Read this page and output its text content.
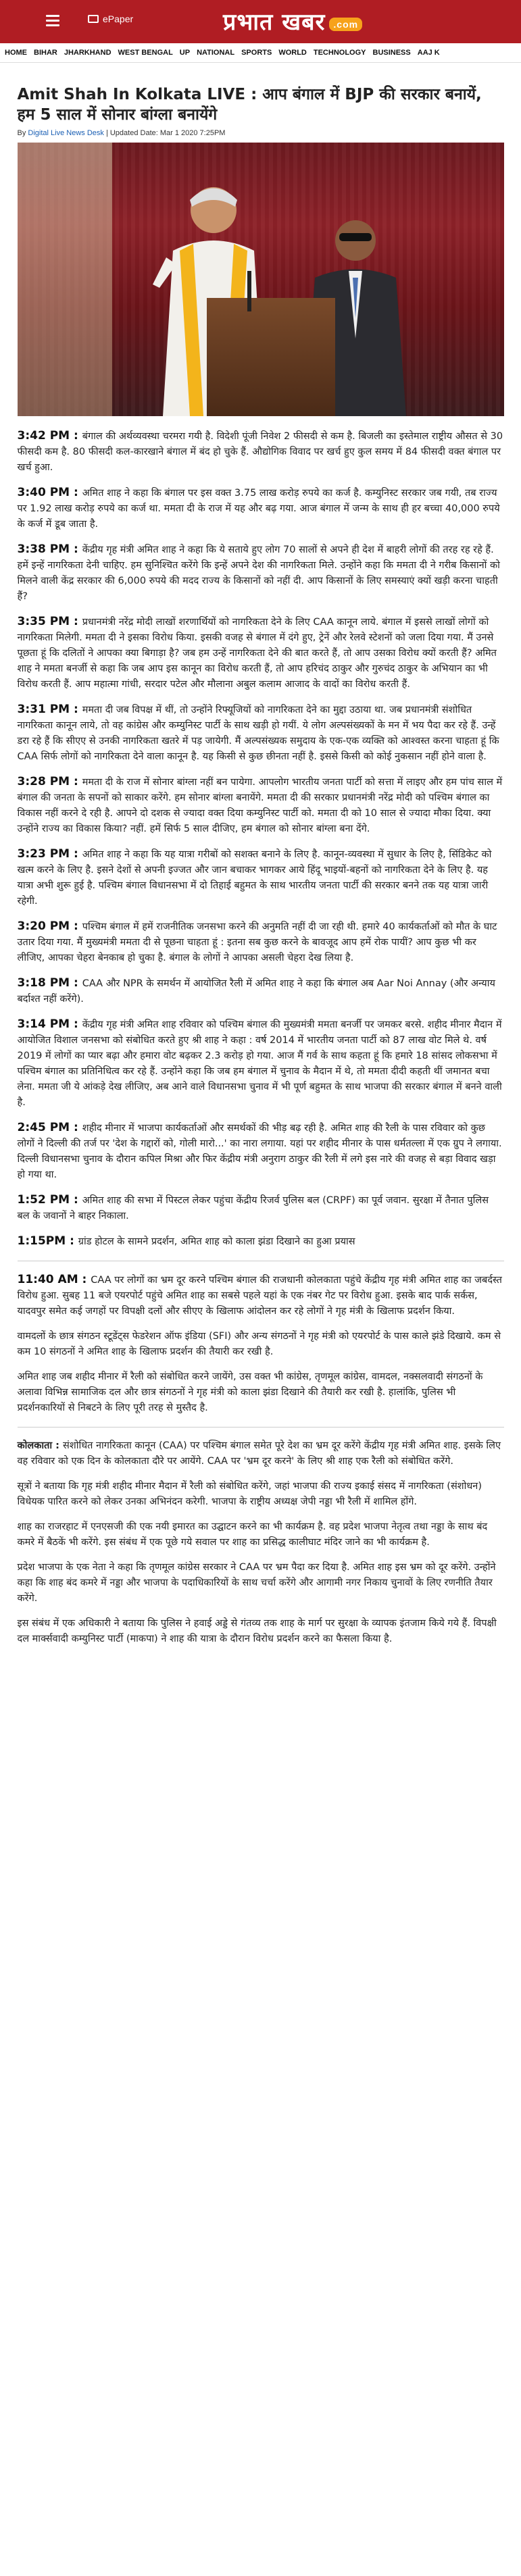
ePaper	प्रभात खबर .com
HOME BIHAR JHARKHAND WEST BENGAL UP NATIONAL SPORTS WORLD TECHNOLOGY BUSINESS AAJ K
Amit Shah In Kolkata LIVE : आप बंगाल में BJP की सरकार बनायें, हम 5 साल में सोनार बांग्ला बनायेंगे
By Digital Live News Desk | Updated Date: Mar 1 2020 7:25PM

3:42 PM : बंगाल की अर्थव्यवस्था चरमरा गयी है. विदेशी पूंजी निवेश 2 फीसदी से कम है. बिजली का इस्तेमाल राष्ट्रीय औसत से 30 फीसदी कम है. 80 फीसदी कल-कारखाने बंगाल में बंद हो चुके हैं. औद्योगिक विवाद पर खर्च हुए कुल समय में 84 फीसदी वक्त बंगाल पर खर्च हुआ.

3:40 PM : अमित शाह ने कहा कि बंगाल पर इस वक्त 3.75 लाख करोड़ रुपये का कर्ज है. कम्युनिस्ट सरकार जब गयी, तब राज्य पर 1.92 लाख करोड़ रुपये का कर्ज था. ममता दी के राज में यह और बढ़ गया. आज बंगाल में जन्म के साथ ही हर बच्चा 40,000 रुपये के कर्ज में डूब जाता है.

3:38 PM : केंद्रीय गृह मंत्री अमित शाह ने कहा कि ये सताये हुए लोग 70 सालों से अपने ही देश में बाहरी लोगों की तरह रह रहे हैं. हमें इन्हें नागरिकता देनी चाहिए. हम सुनिश्चित करेंगे कि इन्हें अपने देश की नागरिकता मिले. उन्होंने कहा कि ममता दी ने गरीब किसानों को मिलने वाली केंद्र सरकार की 6,000 रुपये की मदद राज्य के किसानों को नहीं दी. आप किसानों के लिए समस्याएं क्यों खड़ी करना चाहती हैं?

3:35 PM : प्रधानमंत्री नरेंद्र मोदी लाखों शरणार्थियों को नागरिकता देने के लिए CAA कानून लाये. बंगाल में इससे लाखों लोगों को नागरिकता मिलेगी. ममता दी ने इसका विरोध किया. इसकी वजह से बंगाल में दंगे हुए, ट्रेनें और रेलवे स्टेशनों को जला दिया गया. मैं उनसे पूछता हूं कि दलितों ने आपका क्या बिगाड़ा है? जब हम उन्हें नागरिकता देने की बात करते हैं, तो आप उसका विरोध क्यों करती हैं? अमित शाह ने ममता बनर्जी से कहा कि जब आप इस कानून का विरोध करती हैं, तो आप हरिचंद ठाकुर और गुरुचंद ठाकुर के अभियान का भी विरोध करती हैं. आप महात्मा गांधी, सरदार पटेल और मौलाना अबुल कलाम आजाद के वादों का विरोध करती हैं.

3:31 PM : ममता दी जब विपक्ष में थीं, तो उन्होंने रिफ्यूजियों को नागरिकता देने का मुद्दा उठाया था. जब प्रधानमंत्री संशोधित नागरिकता कानून लाये, तो वह कांग्रेस और कम्युनिस्ट पार्टी के साथ खड़ी हो गयीं. ये लोग अल्पसंख्यकों के मन में भय पैदा कर रहे हैं. उन्हें डरा रहे हैं कि सीएए से उनकी नागरिकता खतरे में पड़ जायेगी. मैं अल्पसंख्यक समुदाय के एक-एक व्यक्ति को आश्वस्त करना चाहता हूं कि CAA सिर्फ लोगों को नागरिकता देने वाला कानून है. यह किसी से कुछ छीनता नहीं है. इससे किसी को कोई नुकसान नहीं होने वाला है.

3:28 PM : ममता दी के राज में सोनार बांग्ला नहीं बन पायेगा. आपलोग भारतीय जनता पार्टी को सत्ता में लाइए और हम पांच साल में बंगाल की जनता के सपनों को साकार करेंगे. हम सोनार बांग्ला बनायेंगे. ममता दी की सरकार प्रधानमंत्री नरेंद्र मोदी को पश्चिम बंगाल का विकास नहीं करने दे रही है. आपने दो दशक से ज्यादा वक्त दिया कम्युनिस्ट पार्टी को. ममता दी को 10 साल से ज्यादा मौका दिया. क्या उन्होंने राज्य का विकास किया? नहीं. हमें सिर्फ 5 साल दीजिए, हम बंगाल को सोनार बांग्ला बना देंगे.

3:23 PM : अमित शाह ने कहा कि यह यात्रा गरीबों को सशक्त बनाने के लिए है. कानून-व्यवस्था में सुधार के लिए है, सिंडिकेट को खत्म करने के लिए है. इसने देशों से अपनी इज्जत और जान बचाकर भागकर आये हिंदू भाइयों-बहनों को नागरिकता देने के लिए है. यह यात्रा अभी शुरू हुई है. पश्चिम बंगाल विधानसभा में दो तिहाई बहुमत के साथ भारतीय जनता पार्टी की सरकार बनने तक यह यात्रा जारी रहेगी.

3:20 PM : पश्चिम बंगाल में हमें राजनीतिक जनसभा करने की अनुमति नहीं दी जा रही थी. हमारे 40 कार्यकर्ताओं को मौत के घाट उतार दिया गया. मैं मुख्यमंत्री ममता दी से पूछना चाहता हूं : इतना सब कुछ करने के बावजूद आप हमें रोक पायीं? आप कुछ भी कर लीजिए, आपका चेहरा बेनकाब हो चुका है. बंगाल के लोगों ने आपका असली चेहरा देख लिया है.

3:18 PM : CAA और NPR के समर्थन में आयोजित रैली में अमित शाह ने कहा कि बंगाल अब Aar Noi Annay (और अन्याय बर्दाश्त नहीं करेंगे).

3:14 PM : केंद्रीय गृह मंत्री अमित शाह रविवार को पश्चिम बंगाल की मुख्यमंत्री ममता बनर्जी पर जमकर बरसे. शहीद मीनार मैदान में आयोजित विशाल जनसभा को संबोधित करते हुए श्री शाह ने कहा : वर्ष 2014 में भारतीय जनता पार्टी को 87 लाख वोट मिले थे. वर्ष 2019 में लोगों का प्यार बढ़ा और हमारा वोट बढ़कर 2.3 करोड़ हो गया. आज मैं गर्व के साथ कहता हूं कि हमारे 18 सांसद लोकसभा में पश्चिम बंगाल का प्रतिनिधित्व कर रहे हैं. उन्होंने कहा कि जब हम बंगाल में चुनाव के मैदान में थे, तो ममता दीदी कहती थीं जमानत बचा लेना. ममता जी ये आंकड़े देख लीजिए, अब आने वाले विधानसभा चुनाव में भी पूर्ण बहुमत के साथ भाजपा की सरकार बंगाल में बनने वाली है.

2:45 PM : शहीद मीनार में भाजपा कार्यकर्ताओं और समर्थकों की भीड़ बढ़ रही है. अमित शाह की रैली के पास रविवार को कुछ लोगों ने दिल्ली की तर्ज पर 'देश के गद्दारों को, गोली मारो...' का नारा लगाया. यहां पर शहीद मीनार के पास धर्मतल्ला में एक ग्रुप ने लगाया. दिल्ली विधानसभा चुनाव के दौरान कपिल मिश्रा और फिर केंद्रीय मंत्री अनुराग ठाकुर की रैली में लगे इस नारे की वजह से बड़ा विवाद खड़ा हो गया था.

1:52 PM : अमित शाह की सभा में पिस्टल लेकर पहुंचा केंद्रीय रिजर्व पुलिस बल (CRPF) का पूर्व जवान. सुरक्षा में तैनात पुलिस बल के जवानों ने बाहर निकाला.

1:15PM : ग्रांड होटल के सामने प्रदर्शन, अमित शाह को काला झंडा दिखाने का हुआ प्रयास

11:40 AM : CAA पर लोगों का भ्रम दूर करने पश्चिम बंगाल की राजधानी कोलकाता पहुंचे केंद्रीय गृह मंत्री अमित शाह का जबर्दस्त विरोध हुआ. सुबह 11 बजे एयरपोर्ट पहुंचे अमित शाह का सबसे पहले यहां के एक नंबर गेट पर विरोध हुआ. इसके बाद पार्क सर्कस, यादवपुर समेत कई जगहों पर विपक्षी दलों और सीएए के खिलाफ आंदोलन कर रहे लोगों ने गृह मंत्री के खिलाफ प्रदर्शन किया.

वामदलों के छात्र संगठन स्टूडेंट्स फेडरेशन ऑफ इंडिया (SFI) और अन्य संगठनों ने गृह मंत्री को एयरपोर्ट के पास काले झंडे दिखाये. कम से कम 10 संगठनों ने अमित शाह के खिलाफ प्रदर्शन की तैयारी कर रखी है.

अमित शाह जब शहीद मीनार में रैली को संबोधित करने जायेंगे, उस वक्त भी कांग्रेस, तृणमूल कांग्रेस, वामदल, नक्सलवादी संगठनों के अलावा विभिन्न सामाजिक दल और छात्र संगठनों ने गृह मंत्री को काला झंडा दिखाने की तैयारी कर रखी है. हालांकि, पुलिस भी प्रदर्शनकारियों से निबटने के लिए पूरी तरह से मुस्तैद है.

कोलकाता : संशोधित नागरिकता कानून (CAA) पर पश्चिम बंगाल समेत पूरे देश का भ्रम दूर करेंगे केंद्रीय गृह मंत्री अमित शाह. इसके लिए वह रविवार को एक दिन के कोलकाता दौरे पर आयेंगे. CAA पर 'भ्रम दूर करने' के लिए श्री शाह एक रैली को संबोधित करेंगे.

सूत्रों ने बताया कि गृह मंत्री शहीद मीनार मैदान में रैली को संबोधित करेंगे, जहां भाजपा की राज्य इकाई संसद में नागरिकता (संशोधन) विधेयक पारित करने को लेकर उनका अभिनंदन करेगी. भाजपा के राष्ट्रीय अध्यक्ष जेपी नड्डा भी रैली में शामिल होंगे.

शाह का राजरहाट में एनएसजी की एक नयी इमारत का उद्घाटन करने का भी कार्यक्रम है. वह प्रदेश भाजपा नेतृत्व तथा नड्डा के साथ बंद कमरे में बैठकें भी करेंगे. इस संबंध में एक पूछे गये सवाल पर शाह का प्रसिद्ध कालीघाट मंदिर जाने का भी कार्यक्रम है.

प्रदेश भाजपा के एक नेता ने कहा कि तृणमूल कांग्रेस सरकार ने CAA पर भ्रम पैदा कर दिया है. अमित शाह इस भ्रम को दूर करेंगे. उन्होंने कहा कि शाह बंद कमरे में नड्डा और भाजपा के पदाधिकारियों के साथ चर्चा करेंगे और आगामी नगर निकाय चुनावों के लिए रणनीति तैयार करेंगे.

इस संबंध में एक अधिकारी ने बताया कि पुलिस ने हवाई अड्डे से गंतव्य तक शाह के मार्ग पर सुरक्षा के व्यापक इंतजाम किये गये हैं. विपक्षी दल मार्क्सवादी कम्युनिस्ट पार्टी (माकपा) ने शाह की यात्रा के दौरान विरोध प्रदर्शन करने का फैसला किया है.
